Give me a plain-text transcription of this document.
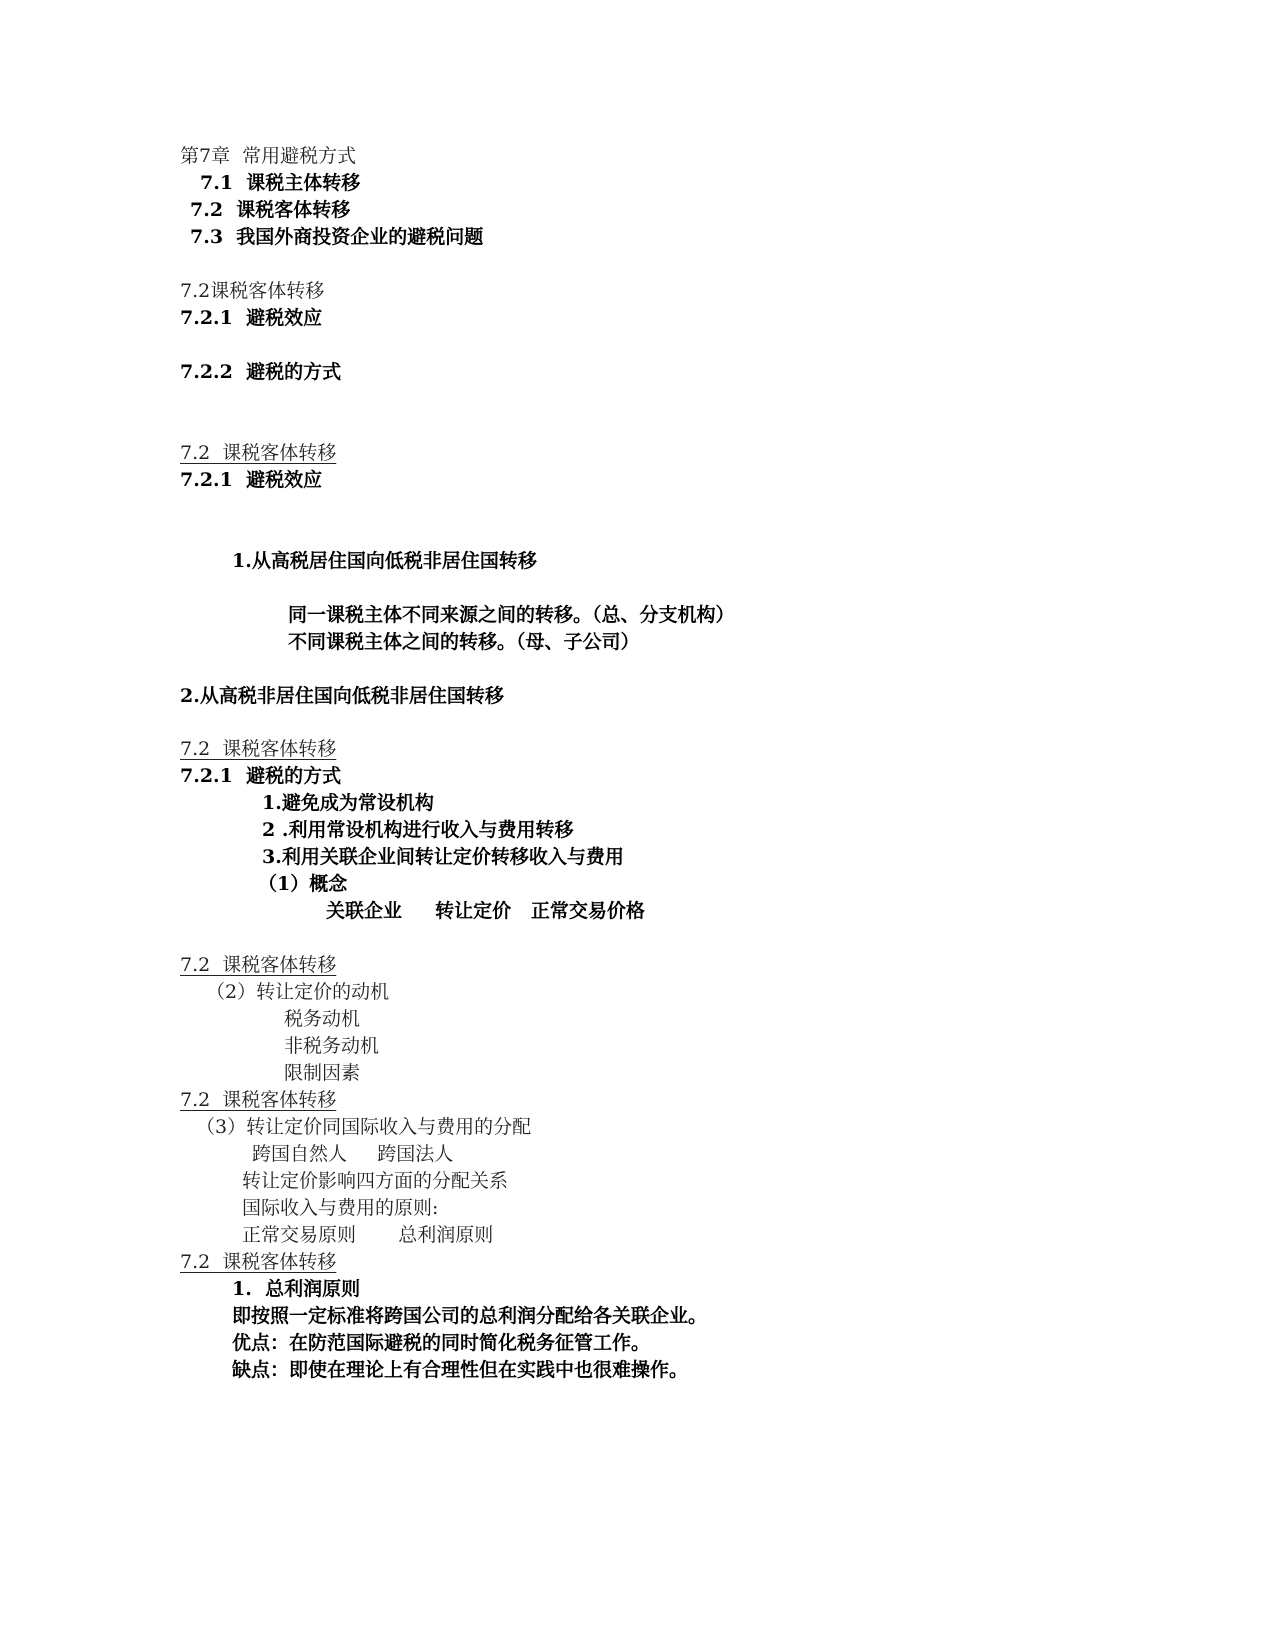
第7章  常用避税方式
7.1  课税主体转移
7.2  课税客体转移
7.3  我国外商投资企业的避税问题
7.2课税客体转移
7.2.1  避税效应
7.2.2  避税的方式
7.2  课税客体转移
7.2.1  避税效应
1.从高税居住国向低税非居住国转移
同一课税主体不同来源之间的转移。（总、分支机构）
不同课税主体之间的转移。（母、子公司）
2.从高税非居住国向低税非居住国转移
7.2  课税客体转移
7.2.1  避税的方式
1.避免成为常设机构
2 .利用常设机构进行收入与费用转移
3.利用关联企业间转让定价转移收入与费用
（1）概念
关联企业     转让定价   正常交易价格
7.2  课税客体转移
（2）转让定价的动机
税务动机
非税务动机
限制因素
7.2  课税客体转移
（3）转让定价同国际收入与费用的分配
跨国自然人     跨国法人
转让定价影响四方面的分配关系
国际收入与费用的原则:
正常交易原则       总利润原则
7.2  课税客体转移
1.  总利润原则
即按照一定标准将跨国公司的总利润分配给各关联企业。
优点：在防范国际避税的同时简化税务征管工作。
缺点：即使在理论上有合理性但在实践中也很难操作。
